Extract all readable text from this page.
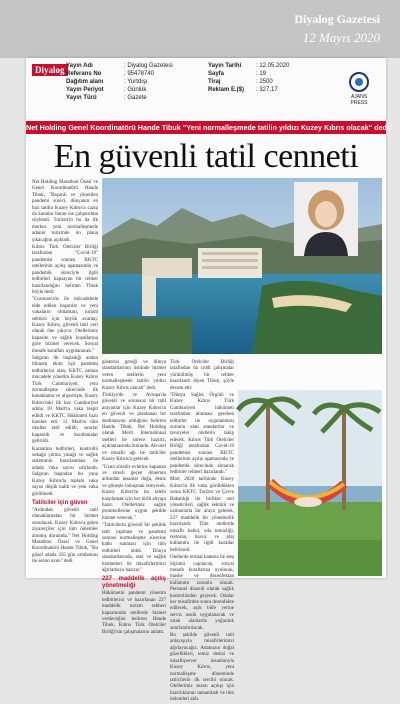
Diyalog Gazetesi
12 Mayıs 2020
Diyalog Yayın Adı	: Diyalog Gazetesi
Referans No	: 95478740
Dağıtım alanı	: Yurtdışı
Yayın Periyot	: Günlük
Yayın Türü	: Gazete
Yayın Tarihi : 12.05.2020
Sayfa	: 19
Tiraj	: 2500
Reklam E.($) : 327,17
AJANS PRESS
Net Holding Genel Koordinatörü Hande Tibuk "Yeni normalleşmede tatilin yıldızı Kuzey Kıbrıs olacak" dedi
En güvenli tatil cenneti

Net Holding Marathon Özesi ve Genel Koordinatörü Hande Tibuk, "Başarılı ve yönetilen pandemi süreci, dünyanın en hızı tatiliu Kuzey Kıbrıs'a cazip da kaunlar itaran ise çalıştırılma söylendi. Turizm'in bu da ilk merkez yeni normalleşmede adanın turizmde ön plana çıkacağını açıkladı.

Kıbrıs Türk Otelciler Birliği tarafından "Covid-19" pandemisi sonrası KKTC otellerinin açılış aşamasında ve pandemik süreciyle ilgili tedbirleri kapsayan bir rehber hazırlandığını belirten Tibuk böyle dedi:

"Coronavirüs ile mücadelede elde edilen başarılar ve yeni vakaların olmaması, turizm sektörü için büyük avantaj. Kuzey Kıbrıs, güvenli tatil yeri olarak öne çıkıyor. Otellerimiz kapasite ve sağlık koşullarına göre hizmet verecek. Sosyal mesafe kuralları uygulanacak."

Salgının ilk başladığı andan itibaren ekim üçü pandemi tedbirlerini alan, KKTC zaman mücadele yönetim Kuzey Kıbrıs Türk Cumhuriyeti, yeni normalleşme sürecinde ilk konaklama ve alışverişte, Kuzey Kıbrıs'taki ilk kez Cumhuriyet adına 10 Mart'ta vaka tespit edildi ve KKTC Hükümeti hızlı hareket etti. 11 Mart'ta tüm okullar tatil edildi, sınırlar kapatıldı ve kısıtlamalar getirildi.

Karantina tedbirleri, kontrollü sokağa çıkma yasağı ve sağlık sisteminin hazırlanması ile adada vaka sayısı sıfırlandı. Salgının başından bu yana Kuzey Kıbrıs'ta toplam vaka sayısı düşük kaldı ve yeni vaka görülmedi.

Tatilciler için güven

"Ardından güvenli tatil olanaklarından bir hizmet sunulacak. Kuzey Kıbrıs'a gelen ziyaretçiler için tüm önlemler alınmış durumda." Net Holding Marathon Özesi ve Genel Koordinatörü Hande Tibuk, "Bu güzel adada 335 gün ortalaması ile sezon uzun" dedi.

gösterisi gereği ve dünya standartlarının üstünde hizmet veren otellerin yeni normalleşmede tatilin yıldızı Kuzey Kıbrıs olacak" dedi.

Türkiye'de ve Avrupa'da güvenli ve sorunsuz bir tatil arayanlar için Kuzey Kıbrıs'ın en güvenli ve planlanan bir destinasyon olduğunu belirten Hande Tibuk, Net Holding olarak Merit International otelleri ile sürece hazırız, açıklamasında bulundu. Alt-otel ve misafir ağı ile tatilciler Kuzey Kıbrıs'a gelecek.

"Uzun süredir evlerine kapanan ve stresli geçen dönemin ardından insanlar doğa, deniz ve güneşle buluşmak isteyecek. Kuzey Kıbrıs'ta bu talebi karşılamak için her türlü altyapı hazır. Otellerimiz sağlık protokollerine uygun şekilde hizmet verecek."

"Tatilcilerin güvenli bir şekilde tatil yapması ve pandemi sonrası normalleşme sürecine katkı sunması için tüm tedbirleri aldık. Dünya standartlarında, otel ve sağlık hizmetleri ile misafirlerimizi ağırlamaya hazırız."

227 maddelik açılış yönetmeliği

Hükümetin pandemi yönetim tedbirlerini ve hazırlanan 227 maddelik turizm rehberi kapsamında otellerde hizmet verileceğini belirten Hande Tibuk, Kıbrıs Türk Otelciler Birliği'nin çalışmalarını anlattı.

Türk Otelciler Birliği tarafından da ciddi çalışmalar yürütülmüş bir rehber hazırlandı diyen Tibuk, şöyle devam etti:

"Dünya Sağlık Örgütü ve Kuzey Kıbrıs Türk Cumhuriyeti hükümeti tarafından alınması gereken tedbirler ile uygulanması zorunlu olan standartlar ve tavsiyeler otellerin takip edecek. Kıbrıs Türk Otelciler Birliği tarafından Covid-19 pandemisi sonrası KKTC otellerinin açılış aşamasında ve pandemik sürecinde alınacak tedbirler rehberi hazırlandı."

Mart 2020 tarihinde Kuzey Kıbrıs'ta ilk vaka görüldükten sonra KKTC Turizm ve Çevre Bakanlığı ile birlikte otel yöneticileri, sağlık sektörü ve uzmanlarla bir araya gelerek, 227 maddelik bir yönetmelik hazırlandı. Tüm otellerde misafir kabul, oda temizliği, restoran, havuz ve plaj kullanımı ile ilgili kurallar belirlendi.

Otellerde termal kamera ile ateş ölçümü yapılacak, sosyal mesafe kurallarına uyulacak, maske ve dezenfektan kullanımı zorunlu olacak. Personel düzenli olarak sağlık kontrolünden geçecek. Odalar her misafirden sonra dezenfekte edilecek, açık büfe yerine servis usulü uygulanacak ve ortak alanlarda yoğunluk sınırlandırılacak.

Bu şekilde güvenli tatil anlayışıyla misafirlerimizi ağırlayacağız. Adamızın doğal güzellikleri, temiz denizi ve misafirperver insanlarıyla Kuzey Kıbrıs, yeni normalleşme döneminde tatilcilerin ilk tercihi olacak. Otellerimiz sezon açılışı için hazırlıklarını tamamladı ve tüm önlemleri aldı.
